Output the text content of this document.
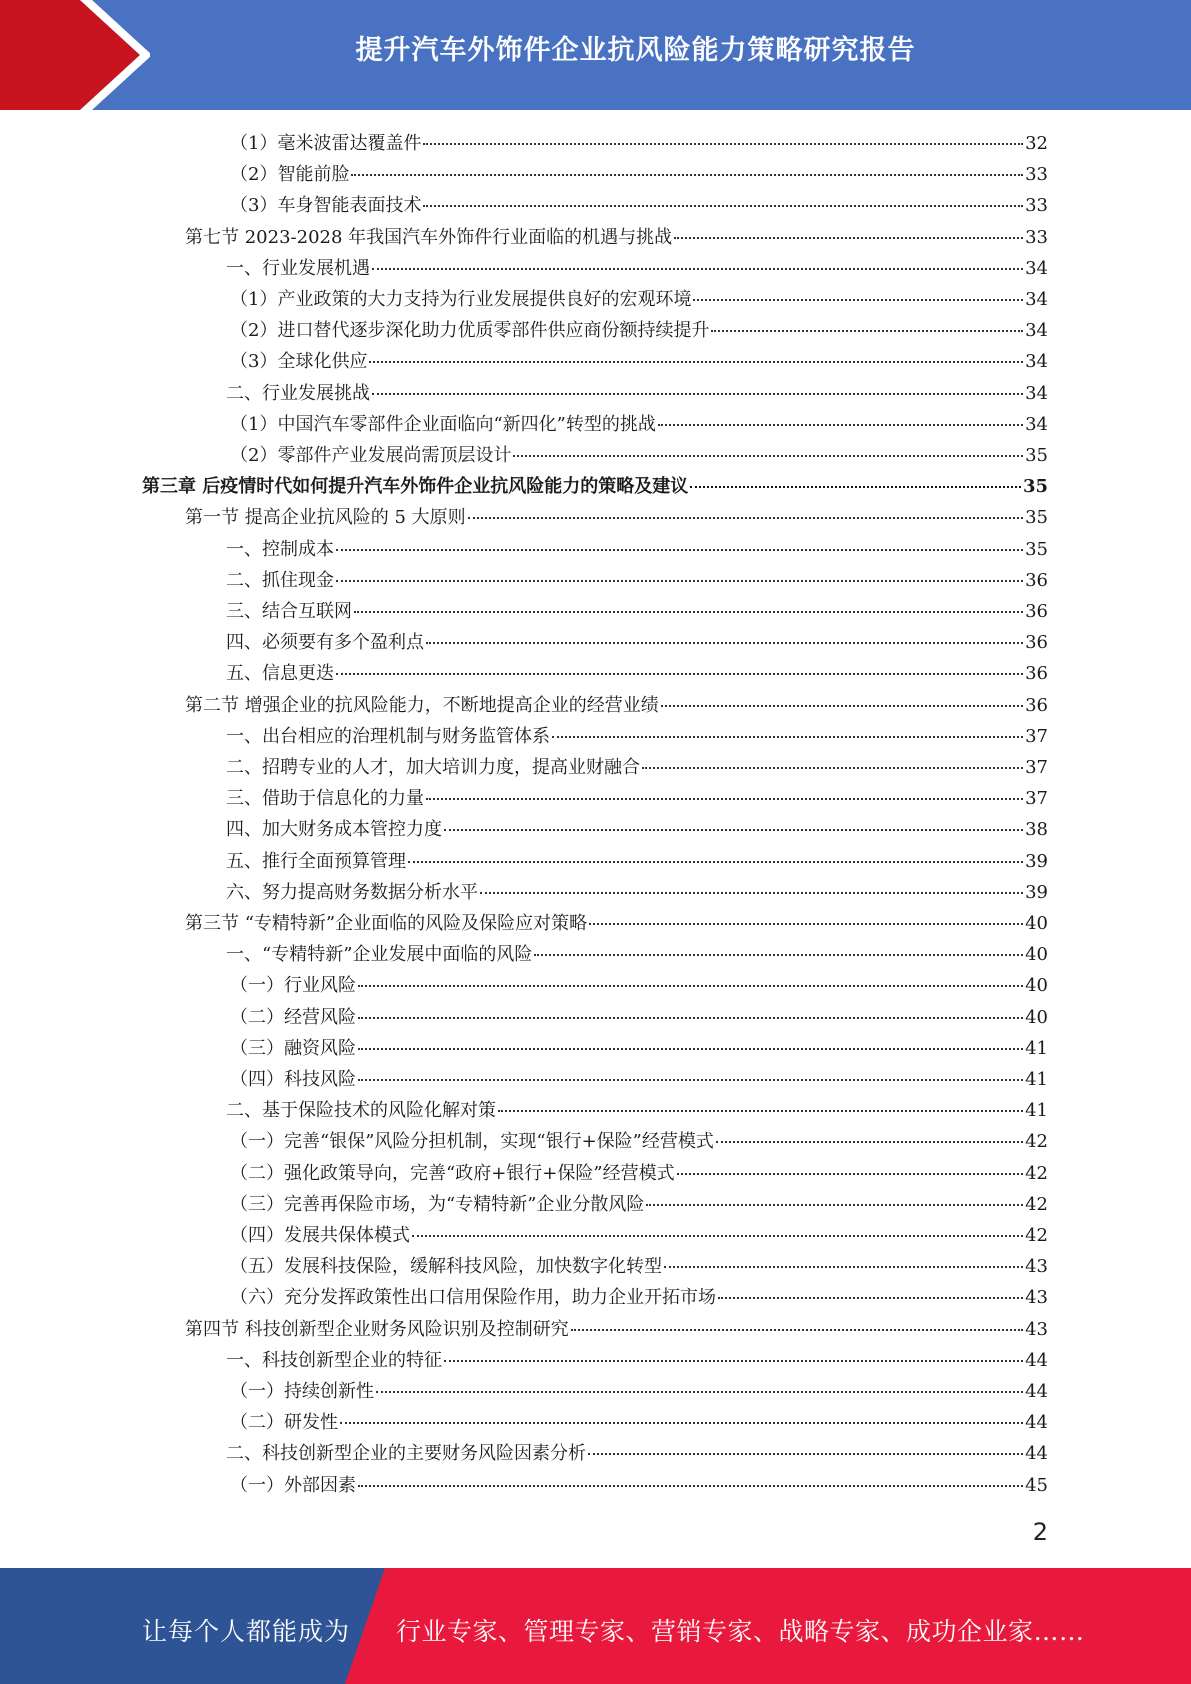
提升汽车外饰件企业抗风险能力策略研究报告
（1）毫米波雷达覆盖件	32
（2）智能前脸	33
（3）车身智能表面技术	33
第七节 2023-2028 年我国汽车外饰件行业面临的机遇与挑战	33
一、行业发展机遇	34
（1）产业政策的大力支持为行业发展提供良好的宏观环境	34
（2）进口替代逐步深化助力优质零部件供应商份额持续提升	34
（3）全球化供应	34
二、行业发展挑战	34
（1）中国汽车零部件企业面临向“新四化”转型的挑战	34
（2）零部件产业发展尚需顶层设计	35
第三章 后疫情时代如何提升汽车外饰件企业抗风险能力的策略及建议	35
第一节 提高企业抗风险的 5 大原则	35
一、控制成本	35
二、抓住现金	36
三、结合互联网	36
四、必须要有多个盈利点	36
五、信息更迭	36
第二节 增强企业的抗风险能力，不断地提高企业的经营业绩	36
一、出台相应的治理机制与财务监管体系	37
二、招聘专业的人才，加大培训力度，提高业财融合	37
三、借助于信息化的力量	37
四、加大财务成本管控力度	38
五、推行全面预算管理	39
六、努力提高财务数据分析水平	39
第三节 “专精特新”企业面临的风险及保险应对策略	40
一、“专精特新”企业发展中面临的风险	40
（一）行业风险	40
（二）经营风险	40
（三）融资风险	41
（四）科技风险	41
二、基于保险技术的风险化解对策	41
（一）完善“银保”风险分担机制，实现“银行+保险”经营模式	42
（二）强化政策导向，完善“政府+银行+保险”经营模式	42
（三）完善再保险市场，为“专精特新”企业分散风险	42
（四）发展共保体模式	42
（五）发展科技保险，缓解科技风险，加快数字化转型	43
（六）充分发挥政策性出口信用保险作用，助力企业开拓市场	43
第四节 科技创新型企业财务风险识别及控制研究	43
一、科技创新型企业的特征	44
（一）持续创新性	44
（二）研发性	44
二、科技创新型企业的主要财务风险因素分析	44
（一）外部因素	45
2
让每个人都能成为 行业专家、管理专家、营销专家、战略专家、成功企业家……
